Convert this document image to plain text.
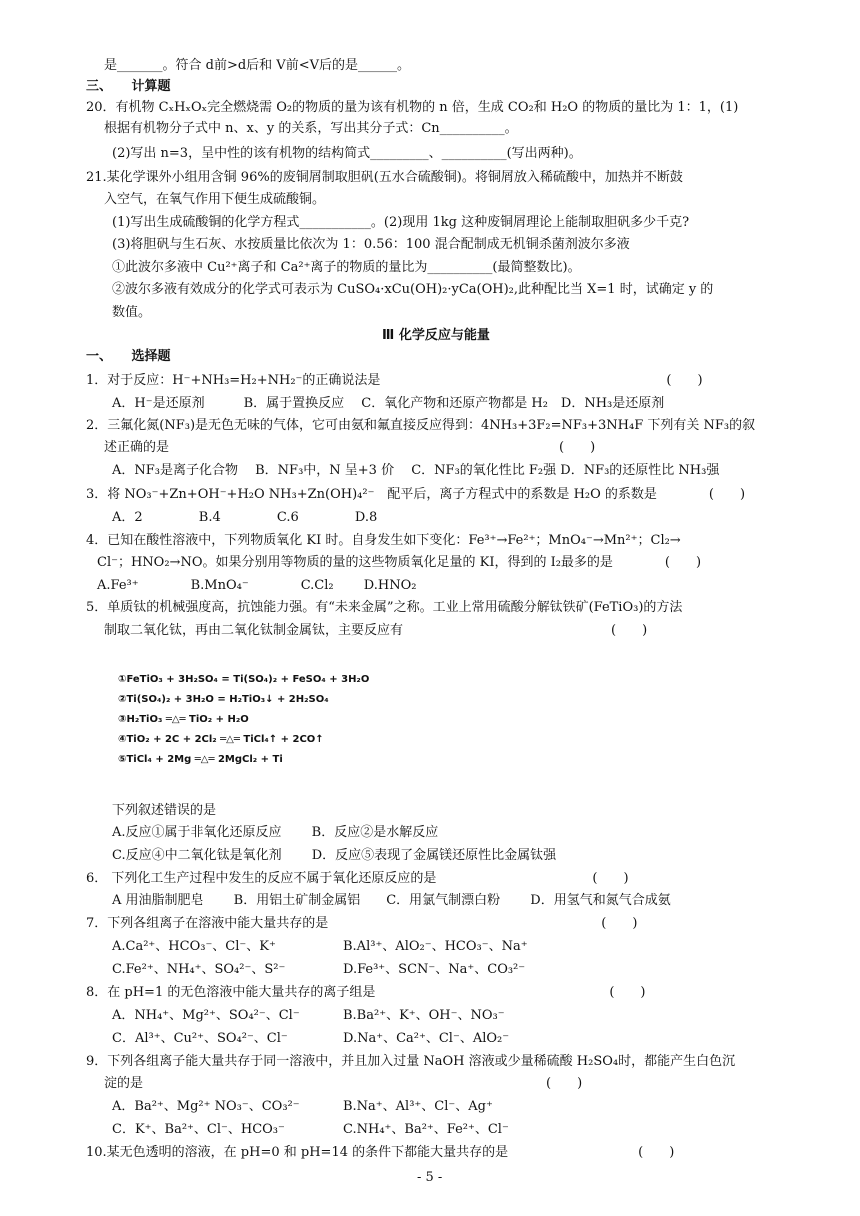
是_______。符合 d前>d后和 V前<V后的是______。
三、　　计算题
20．有机物 CₓHₓOₓ完全燃烧需 O₂的物质的量为该有机物的 n 倍，生成 CO₂和 H₂O 的物质的量比为 1：1，(1)
根据有机物分子式中 n、x、y 的关系，写出其分子式：Cn__________。
(2)写出 n=3，呈中性的该有机物的结构简式_________、__________(写出两种)。
21.某化学课外小组用含铜 96%的废铜屑制取胆矾(五水合硫酸铜)。将铜屑放入稀硫酸中，加热并不断鼓
入空气，在氧气作用下便生成硫酸铜。
(1)写出生成硫酸铜的化学方程式___________。(2)现用 1kg 这种废铜屑理论上能制取胆矾多少千克?
(3)将胆矾与生石灰、水按质量比依次为 1：0.56：100 混合配制成无机铜杀菌剂波尔多液
①此波尔多液中 Cu²⁺离子和 Ca²⁺离子的物质的量比为__________(最简整数比)。
②波尔多液有效成分的化学式可表示为 CuSO₄·xCu(OH)₂·yCa(OH)₂,此种配比当 X=1 时，试确定 y 的
数值。
Ⅲ 化学反应与能量
一、　　选择题
1．对于反应：H⁻+NH₃=H₂+NH₂⁻的正确说法是　　　　　　　　　　　　　　　　　　　　　　(　　)
A．H⁻是还原剂　　　B．属于置换反应　 C．氧化产物和还原产物都是 H₂　D．NH₃是还原剂
2．三氟化氮(NF₃)是无色无味的气体，它可由氨和氟直接反应得到：4NH₃+3F₂=NF₃+3NH₄F 下列有关 NF₃的叙
述正确的是　　　　　　　　　　　　　　　　　　　　　　　　　　　　　　(　　)
A．NF₃是离子化合物　 B．NF₃中，N 呈+3 价　 C．NF₃的氧化性比 F₂强 D．NF₃的还原性比 NH₃强
3．将 NO₃⁻+Zn+OH⁻+H₂O NH₃+Zn(OH)₄²⁻　配平后，离子方程式中的系数是 H₂O 的系数是　　　　(　　)
A．2　　　　 B.4　　　　 C.6　　　　 D.8
4．已知在酸性溶液中，下列物质氧化 KI 时。自身发生如下变化：Fe³⁺→Fe²⁺；MnO₄⁻→Mn²⁺；Cl₂→
Cl⁻；HNO₂→NO。如果分别用等物质的量的这些物质氧化足量的 KI，得到的 I₂最多的是　　　　(　　)
A.Fe³⁺　　　　B.MnO₄⁻　　　　C.Cl₂　　 D.HNO₂
5．单质钛的机械强度高，抗蚀能力强。有“未来金属”之称。工业上常用硫酸分解钛铁矿(FeTiO₃)的方法
制取二氧化钛，再由二氧化钛制金属钛，主要反应有　　　　　　　　　　　　　　　　(　　)
下列叙述错误的是
A.反应①属于非氧化还原反应　　 B．反应②是水解反应
C.反应④中二氧化钛是氧化剂　　 D．反应⑤表现了金属镁还原性比金属钛强
6． 下列化工生产过程中发生的反应不属于氧化还原反应的是　　　　　　　　　　　　(　　)
A 用油脂制肥皂　　 B．用铝土矿制金属铝　　C．用氯气制漂白粉　　 D．用氢气和氮气合成氨
7．下列各组离子在溶液中能大量共存的是　　　　　　　　　　　　　　　　　　　　　(　　)
A.Ca²⁺、HCO₃⁻、Cl⁻、K⁺	B.Al³⁺、AlO₂⁻、HCO₃⁻、Na⁺
C.Fe²⁺、NH₄⁺、SO₄²⁻、S²⁻	D.Fe³⁺、SCN⁻、Na⁺、CO₃²⁻
8．在 pH=1 的无色溶液中能大量共存的离子组是　　　　　　　　　　　　　　　　　　(　　)
A．NH₄⁺、Mg²⁺、SO₄²⁻、Cl⁻	B.Ba²⁺、K⁺、OH⁻、NO₃⁻
C．Al³⁺、Cu²⁺、SO₄²⁻、Cl⁻	D.Na⁺、Ca²⁺、Cl⁻、AlO₂⁻
9．下列各组离子能大量共存于同一溶液中，并且加入过量 NaOH 溶液或少量稀硫酸 H₂SO₄时，都能产生白色沉
淀的是　　　　　　　　　　　　　　　　　　　　　　　　　　　　　　　(　　)
A．Ba²⁺、Mg²⁺ NO₃⁻、CO₃²⁻	B.Na⁺、Al³⁺、Cl⁻、Ag⁺
C．K⁺、Ba²⁺、Cl⁻、HCO₃⁻	C.NH₄⁺、Ba²⁺、Fe²⁺、Cl⁻
10.某无色透明的溶液，在 pH=0 和 pH=14 的条件下都能大量共存的是　　　　　　　　　　(　　)
- 5 -
①FeTiO₃ + 3H₂SO₄ = Ti(SO₄)₂ + FeSO₄ + 3H₂O
②Ti(SO₄)₂ + 3H₂O = H₂TiO₃↓ + 2H₂SO₄
③H₂TiO₃ ═△═ TiO₂ + H₂O
④TiO₂ + 2C + 2Cl₂ ═△═ TiCl₄↑ + 2CO↑
⑤TiCl₄ + 2Mg ═△═ 2MgCl₂ + Ti
